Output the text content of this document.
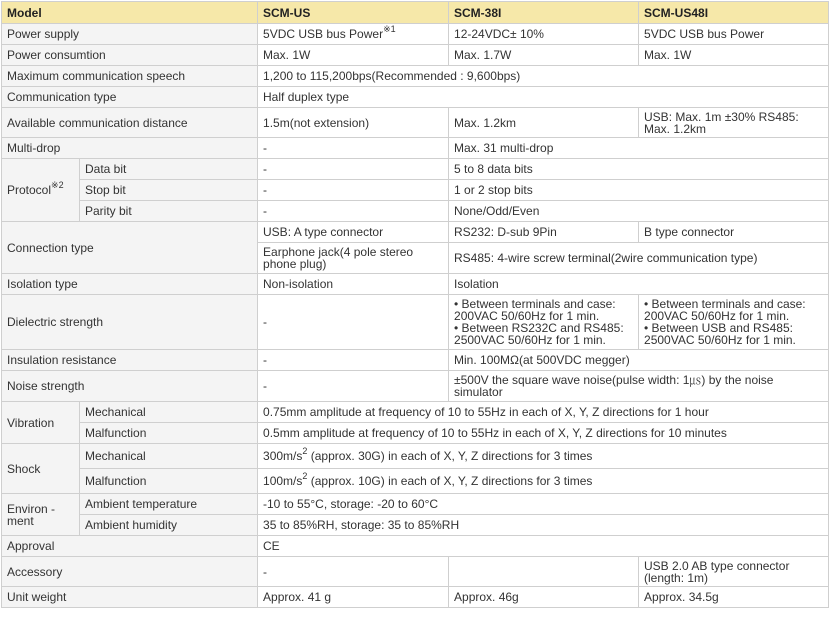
Model		SCM-US	SCM-38I	SCM-US48I
Power supply		5VDC USB bus Power$^{※1}$	12-24VDC± 10%	5VDC USB bus Power
Power consumtion		Max. 1W	Max. 1.7W	Max. 1W
Maximum communication speech		1,200 to 115,200bps(Recommended : 9,600bps)		
Communication type		Half duplex type		
Available communication distance		1.5m(not extension)	Max. 1.2km	USB: Max. 1m ±30% RS485: Max. 1.2km
Multi-drop		-	Max. 31 multi-drop	
Protocol$^{※2}$	Data bit	-	5 to 8 data bits	
	Stop bit	-	1 or 2 stop bits	
	Parity bit	-	None/Odd/Even	
Connection type		USB: A type connector	RS232: D-sub 9Pin	B type connector
		Earphone jack(4 pole stereo phone plug)	RS485: 4-wire screw terminal(2wire communication type)	
Isolation type		Non-isolation	Isolation	
Dielectric strength		-	• Between terminals and case:
200VAC 50/60Hz for 1 min.
• Between RS232C and RS485:
2500VAC 50/60Hz for 1 min.	• Between terminals and case:
200VAC 50/60Hz for 1 min.
• Between USB and RS485:
2500VAC 50/60Hz for 1 min.

Insulation resistance		-	Min. 100MΩ(at 500VDC megger)	
Noise strength		-	±500V the square wave noise(pulse width: 1㎲) by the noise simulator	
Vibration	Mechanical	0.75mm amplitude at frequency of 10 to 55Hz in each of X, Y, Z directions for 1 hour		
	Malfunction	0.5mm amplitude at frequency of 10 to 55Hz in each of X, Y, Z directions for 10 minutes		
Shock	Mechanical	$300m/s^2$ (approx. 30G) in each of X, Y, Z directions for 3 times		
	Malfunction	$100m/s^2$ (approx. 10G) in each of X, Y, Z directions for 3 times		

Environ -
ment	Ambient temperature	-10 to 55°C, storage: -20 to 60°C		
	Ambient humidity	35 to 85%RH, storage: 35 to 85%RH		
Approval		CE		
Accessory		-		USB 2.0 AB type connector (length: 1m)
Unit weight		Approx. 41 g	Approx. 46g	Approx. 34.5g
